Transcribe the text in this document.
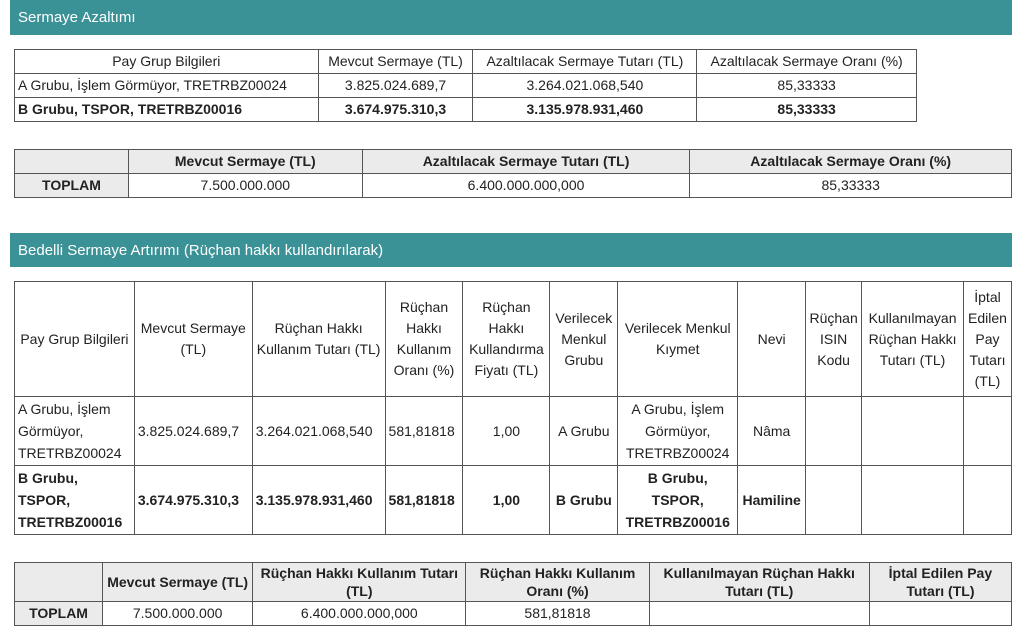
Sermaye Azaltımı
Pay Grup Bilgileri	Mevcut Sermaye (TL)	Azaltılacak Sermaye Tutarı (TL)	Azaltılacak Sermaye Oranı (%)
A Grubu, İşlem Görmüyor, TRETRBZ00024	3.825.024.689,7	3.264.021.068,540	85,33333
B Grubu, TSPOR, TRETRBZ00016	3.674.975.310,3	3.135.978.931,460	85,33333
	Mevcut Sermaye (TL)	Azaltılacak Sermaye Tutarı (TL)	Azaltılacak Sermaye Oranı (%)
TOPLAM	7.500.000.000	6.400.000.000,000	85,33333
Bedelli Sermaye Artırımı (Rüçhan hakkı kullandırılarak)
Pay Grup Bilgileri	Mevcut Sermaye (TL)	Rüçhan Hakkı Kullanım Tutarı (TL)	Rüçhan Hakkı Kullanım Oranı (%)	Rüçhan Hakkı Kullandırma Fiyatı (TL)	Verilecek Menkul Grubu	Verilecek Menkul Kıymet	Nevi	Rüçhan ISIN Kodu	Kullanılmayan Rüçhan Hakkı Tutarı (TL)	İptal Edilen Pay Tutarı (TL)
A Grubu, İşlem Görmüyor, TRETRBZ00024	3.825.024.689,7	3.264.021.068,540	581,81818	1,00	A Grubu	A Grubu, İşlem Görmüyor, TRETRBZ00024	Nâma			
B Grubu, TSPOR, TRETRBZ00016	3.674.975.310,3	3.135.978.931,460	581,81818	1,00	B Grubu	B Grubu, TSPOR, TRETRBZ00016	Hamiline			
	Mevcut Sermaye (TL)	Rüçhan Hakkı Kullanım Tutarı (TL)	Rüçhan Hakkı Kullanım Oranı (%)	Kullanılmayan Rüçhan Hakkı Tutarı (TL)	İptal Edilen Pay Tutarı (TL)
TOPLAM	7.500.000.000	6.400.000.000,000	581,81818		
